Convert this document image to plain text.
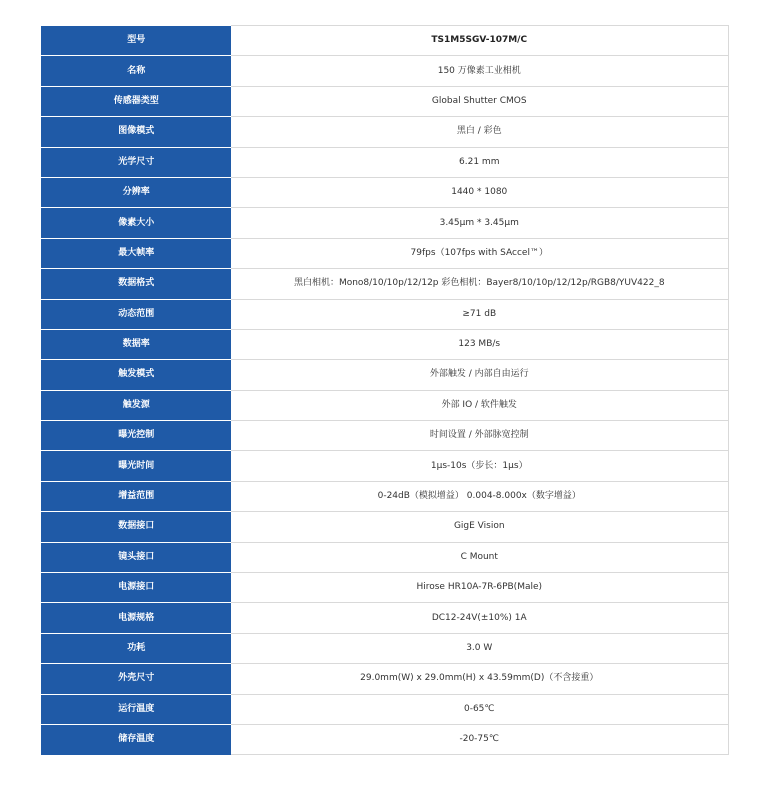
型号	TS1M5SGV-107M/C
名称	150 万像素工业相机
传感器类型	Global Shutter CMOS
图像模式	黑白 / 彩色
光学尺寸	6.21 mm
分辨率	1440 * 1080
像素大小	3.45μm * 3.45μm
最大帧率	79fps（107fps with SAccel™）
数据格式	黑白相机：Mono8/10/10p/12/12p 彩色相机：Bayer8/10/10p/12/12p/RGB8/YUV422_8
动态范围	≥71 dB
数据率	123 MB/s
触发模式	外部触发 / 内部自由运行
触发源	外部 IO / 软件触发
曝光控制	时间设置 / 外部脉宽控制
曝光时间	1μs-10s（步长：1μs）
增益范围	0-24dB（模拟增益） 0.004-8.000x（数字增益）
数据接口	GigE Vision
镜头接口	C Mount
电源接口	Hirose HR10A-7R-6PB(Male)
电源规格	DC12-24V(±10%) 1A
功耗	3.0 W
外壳尺寸	29.0mm(W) x 29.0mm(H) x 43.59mm(D)（不含接重）
运行温度	0-65℃
储存温度	-20-75℃
